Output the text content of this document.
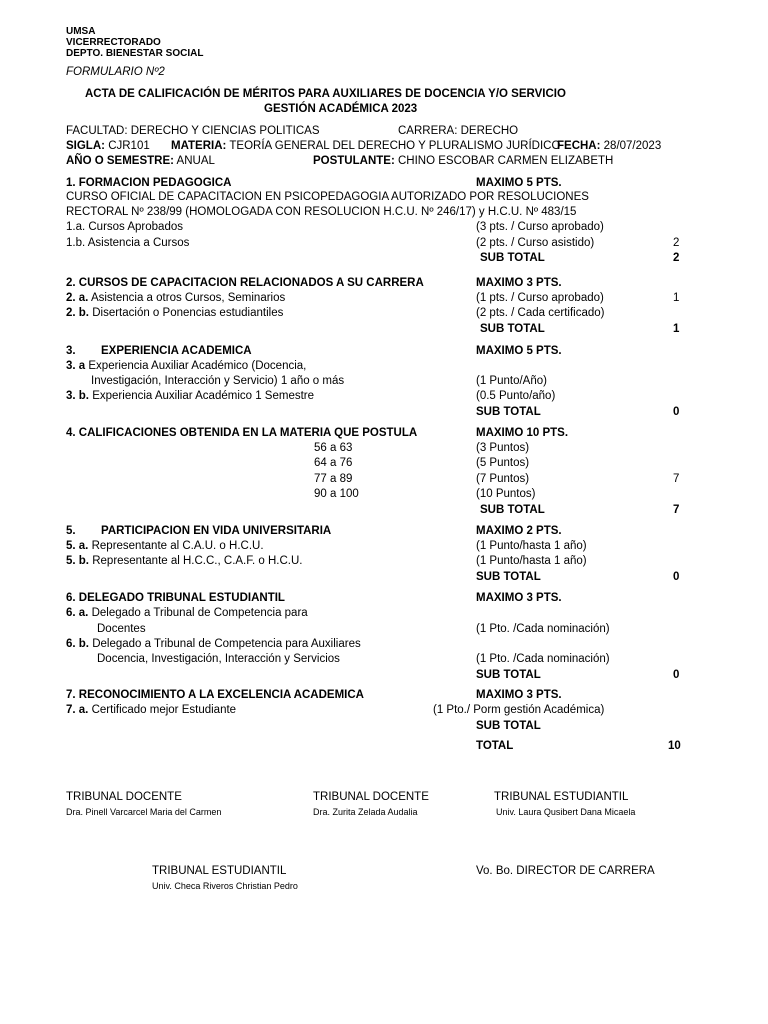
UMSA
VICERRECTORADO
DEPTO. BIENESTAR SOCIAL
FORMULARIO Nº2
ACTA DE CALIFICACIÓN DE MÉRITOS PARA AUXILIARES DE DOCENCIA Y/O SERVICIO
GESTIÓN ACADÉMICA 2023
FACULTAD: DERECHO Y CIENCIAS POLITICAS	CARRERA: DERECHO
SIGLA: CJR101 MATERIA: TEORÍA GENERAL DEL DERECHO Y PLURALISMO JURÍDICO
FECHA: 28/07/2023
AÑO O SEMESTRE: ANUAL	POSTULANTE: CHINO ESCOBAR CARMEN ELIZABETH
1. FORMACION PEDAGOGICA	MAXIMO 5 PTS.
CURSO OFICIAL DE CAPACITACION EN PSICOPEDAGOGIA AUTORIZADO POR RESOLUCIONES
RECTORAL Nº 238/99 (HOMOLOGADA CON RESOLUCION H.C.U. Nº 246/17) y H.C.U. Nº 483/15
1.a. Cursos Aprobados	(3 pts. / Curso aprobado)
1.b. Asistencia a Cursos	(2 pts. / Curso asistido)	2
SUB TOTAL	2
2. CURSOS DE CAPACITACION RELACIONADOS A SU CARRERA	MAXIMO 3 PTS.
2. a. Asistencia a otros Cursos, Seminarios	(1 pts. / Curso aprobado)	1
2. b. Disertación o Ponencias estudiantiles	(2 pts. / Cada certificado)
SUB TOTAL	1
3. EXPERIENCIA ACADEMICA	MAXIMO 5 PTS.
3. a Experiencia Auxiliar Académico (Docencia,
Investigación, Interacción y Servicio) 1 año o más	(1 Punto/Año)
3. b. Experiencia Auxiliar Académico 1 Semestre	(0.5 Punto/año)
SUB TOTAL	0
4. CALIFICACIONES OBTENIDA EN LA MATERIA QUE POSTULA	MAXIMO 10 PTS.
56 a 63	(3 Puntos)
64 a 76	(5 Puntos)
77 a 89	(7 Puntos)	7
90 a 100	(10 Puntos)
SUB TOTAL	7
5. PARTICIPACION EN VIDA UNIVERSITARIA	MAXIMO 2 PTS.
5. a. Representante al C.A.U. o H.C.U.	(1 Punto/hasta 1 año)
5. b. Representante al H.C.C., C.A.F. o H.C.U.	(1 Punto/hasta 1 año)
SUB TOTAL	0
6. DELEGADO TRIBUNAL ESTUDIANTIL	MAXIMO 3 PTS.
6. a. Delegado a Tribunal de Competencia para
Docentes	(1 Pto. /Cada nominación)
6. b. Delegado a Tribunal de Competencia para Auxiliares
Docencia, Investigación, Interacción y Servicios	(1 Pto. /Cada nominación)
SUB TOTAL	0
7. RECONOCIMIENTO A LA EXCELENCIA ACADEMICA	MAXIMO 3 PTS.
7. a. Certificado mejor Estudiante	(1 Pto./ Porm gestión Académica)
SUB TOTAL
TOTAL	10
TRIBUNAL DOCENTE
Dra. Pinell Varcarcel Maria del Carmen
TRIBUNAL DOCENTE
Dra. Zurita Zelada Audalia
TRIBUNAL ESTUDIANTIL
Univ. Laura Qusibert Dana Micaela
TRIBUNAL ESTUDIANTIL
Univ. Checa Riveros Christian Pedro
Vo. Bo. DIRECTOR DE CARRERA
